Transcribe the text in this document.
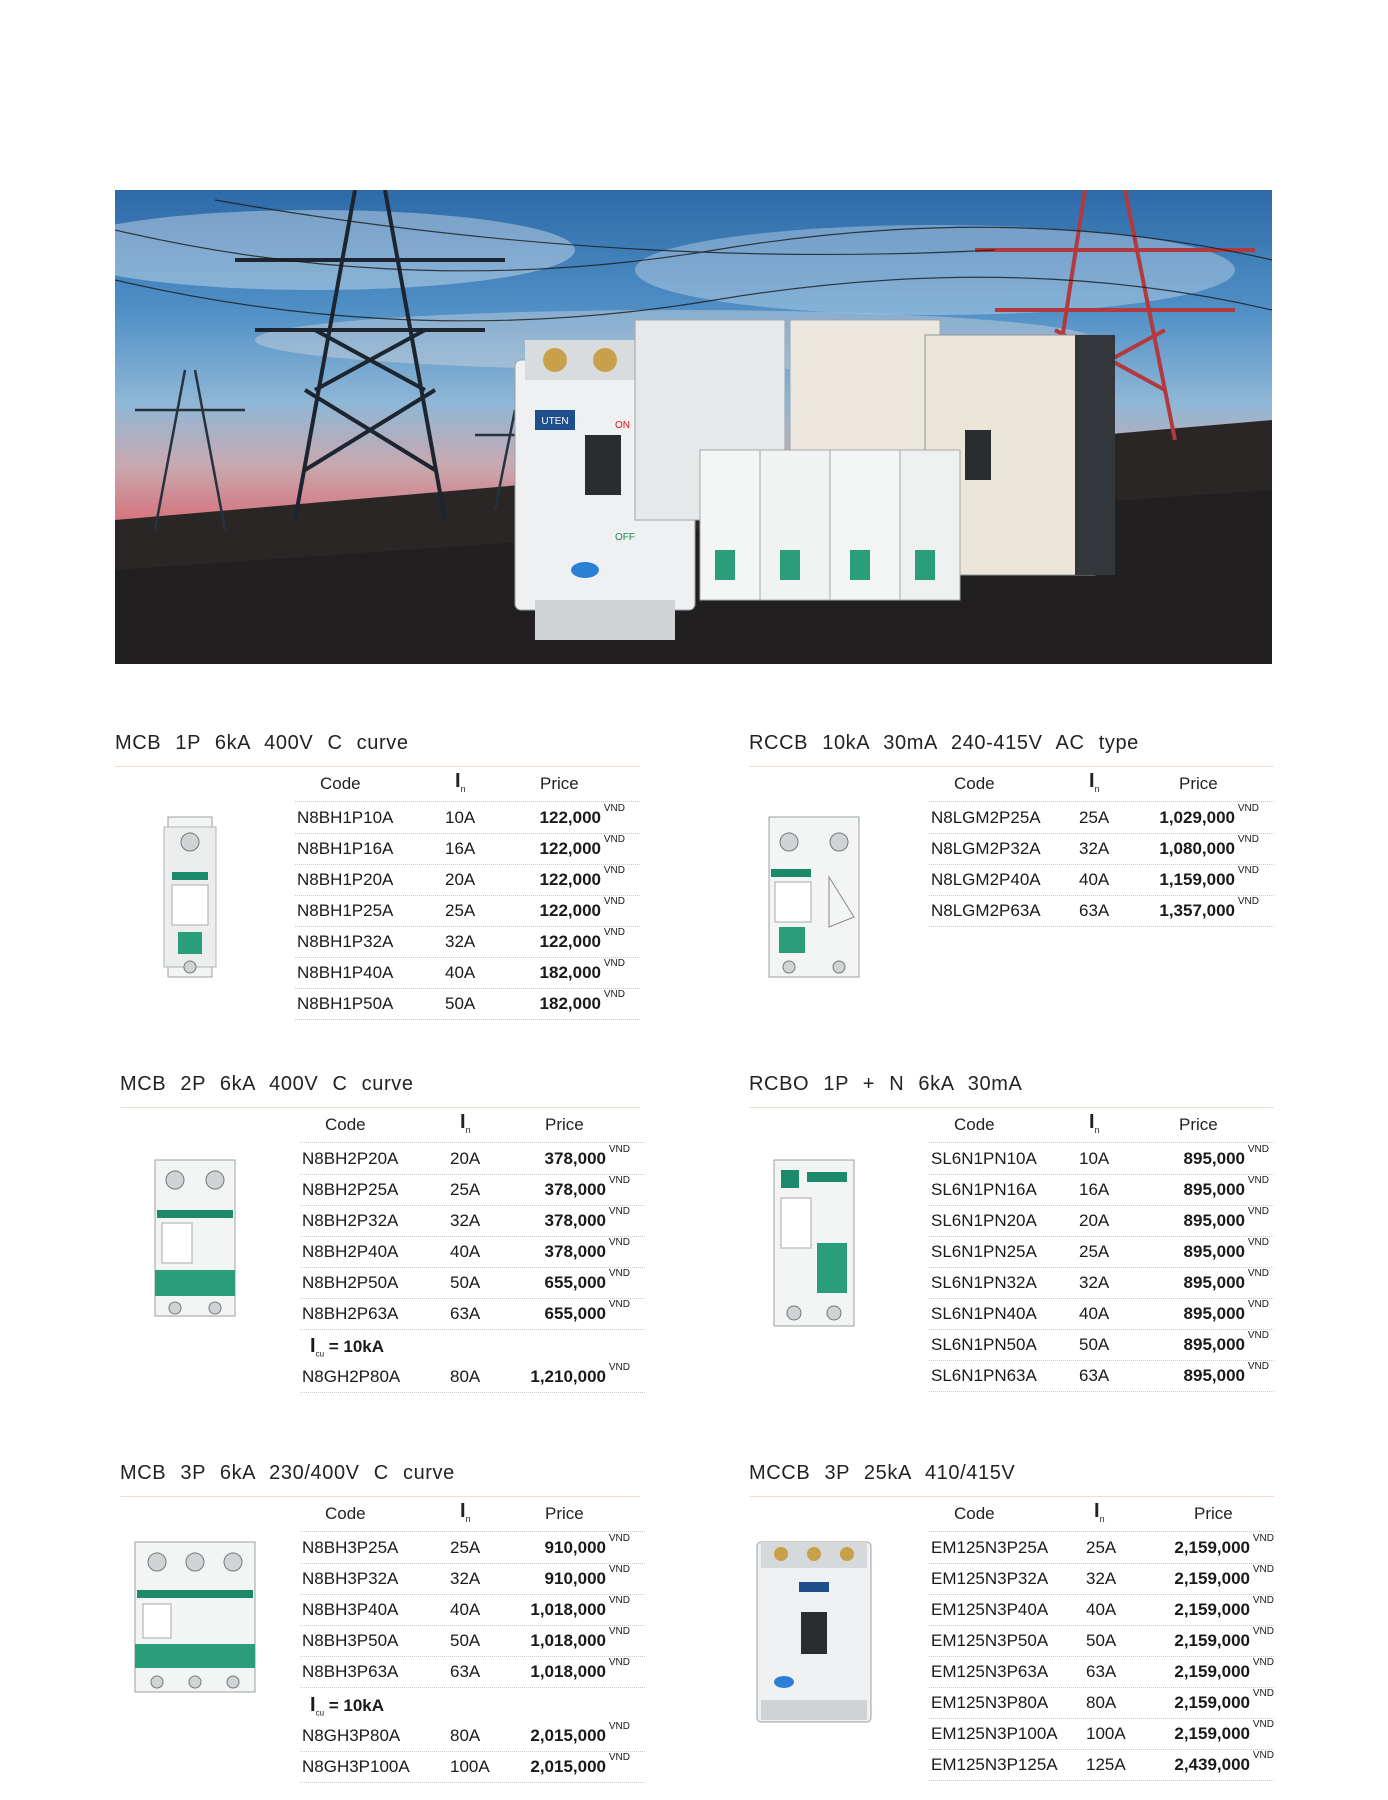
UTEN	ON
OFF
MCB 1P 6kA 400V C curve
Code	$I_n$	Price
N8BH1P10A	10A	122,000 VND
N8BH1P16A	16A	122,000 VND
N8BH1P20A	20A	122,000 VND
N8BH1P25A	25A	122,000 VND
N8BH1P32A	32A	122,000 VND
N8BH1P40A	40A	182,000 VND
N8BH1P50A	50A	182,000 VND
RCCB 10kA 30mA 240-415V AC type
Code	$I_n$	Price
N8LGM2P25A 25A	1,029,000 VND
N8LGM2P32A 32A	1,080,000 VND
N8LGM2P40A 40A	1,159,000 VND
N8LGM2P63A 63A	1,357,000 VND
MCB 2P 6kA 400V C curve
Code	$I_n$	Price
$I_{cu} = 10kA$
N8BH2P20A	20A	378,000 VND
N8BH2P25A	25A	378,000 VND
N8BH2P32A	32A	378,000 VND
N8BH2P40A	40A	378,000 VND
N8BH2P50A	50A	655,000 VND
N8BH2P63A	63A	655,000 VND
N8GH2P80A	80A	1,210,000 VND
RCBO 1P + N 6kA 30mA
Code	$I_n$	Price
SL6N1PN10A 10A	895,000 VND
SL6N1PN16A 16A	895,000 VND
SL6N1PN20A 20A	895,000 VND
SL6N1PN25A 25A	895,000 VND
SL6N1PN32A 32A	895,000 VND
SL6N1PN40A 40A	895,000 VND
SL6N1PN50A 50A	895,000 VND
SL6N1PN63A 63A	895,000 VND
MCB 3P 6kA 230/400V C curve
Code	$I_n$	Price
$I_{cu} = 10kA$
N8BH3P25A	25A	910,000 VND
N8BH3P32A	32A	910,000 VND
N8BH3P40A	40A	1,018,000 VND
N8BH3P50A	50A	1,018,000 VND
N8BH3P63A	63A	1,018,000 VND
N8GH3P80A	80A	2,015,000 VND
N8GH3P100A 100A	2,015,000 VND
MCCB 3P 25kA 410/415V
Code	$I_n$	Price
EM125N3P25A 25A	2,159,000 VND
EM125N3P32A 32A	2,159,000 VND
EM125N3P40A 40A	2,159,000 VND
EM125N3P50A 50A	2,159,000 VND
EM125N3P63A 63A	2,159,000 VND
EM125N3P80A 80A	2,159,000 VND
EM125N3P100A 100A	2,159,000 VND
EM125N3P125A 125A	2,439,000 VND
